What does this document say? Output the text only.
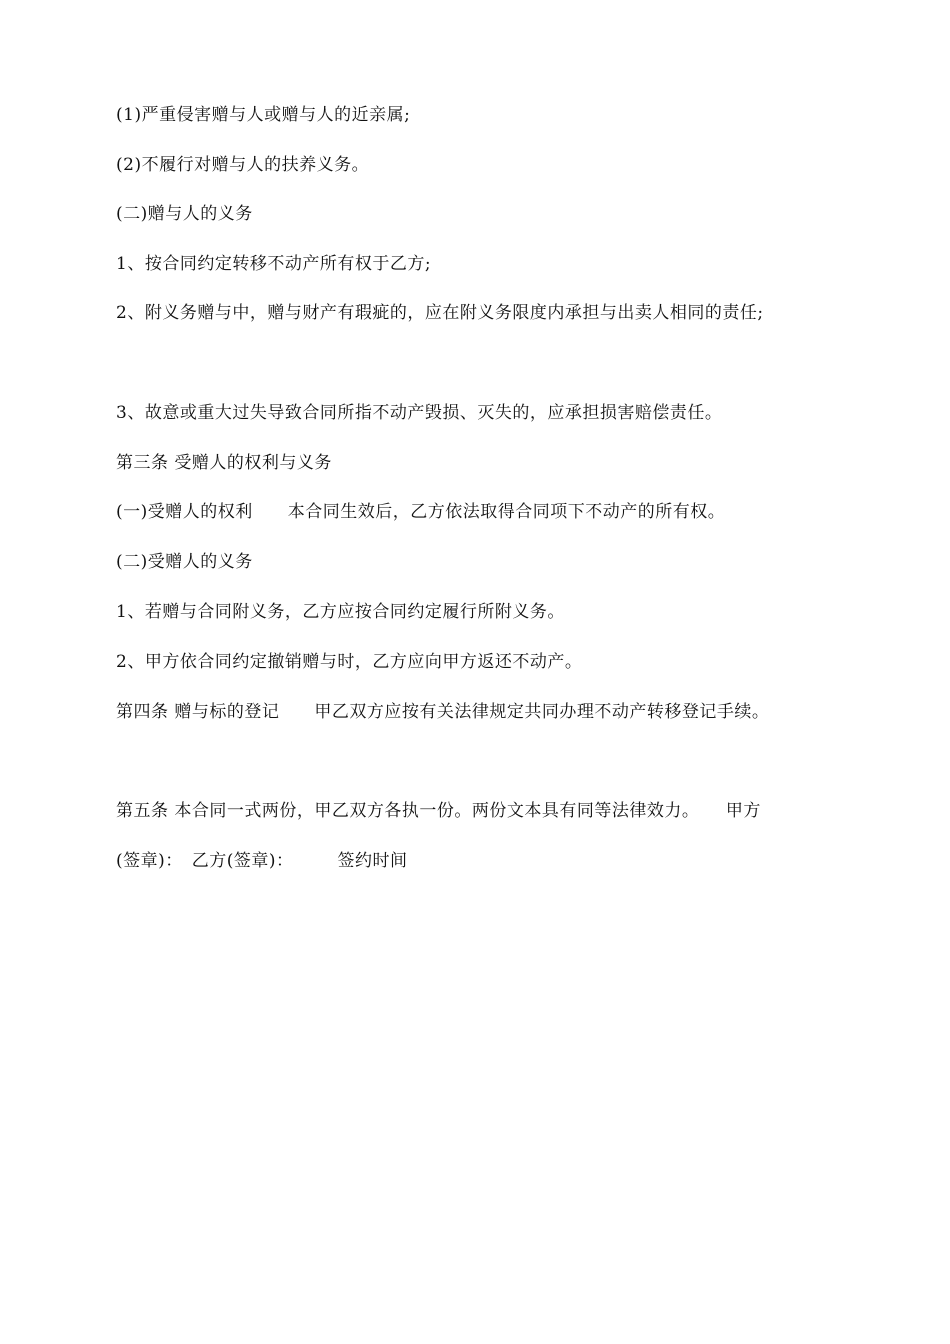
(1)严重侵害赠与人或赠与人的近亲属;
(2)不履行对赠与人的扶养义务。
(二)赠与人的义务
1、按合同约定转移不动产所有权于乙方;
2、附义务赠与中，赠与财产有瑕疵的，应在附义务限度内承担与出卖人相同的责任;
3、故意或重大过失导致合同所指不动产毁损、灭失的，应承担损害赔偿责任。
第三条 受赠人的权利与义务
(一)受赠人的权利　　本合同生效后，乙方依法取得合同项下不动产的所有权。
(二)受赠人的义务
1、若赠与合同附义务，乙方应按合同约定履行所附义务。
2、甲方依合同约定撤销赠与时，乙方应向甲方返还不动产。
第四条 赠与标的登记　　甲乙双方应按有关法律规定共同办理不动产转移登记手续。
第五条 本合同一式两份，甲乙双方各执一份。两份文本具有同等法律效力。　　甲方
(签章)：　乙方(签章)：　　　签约时间
